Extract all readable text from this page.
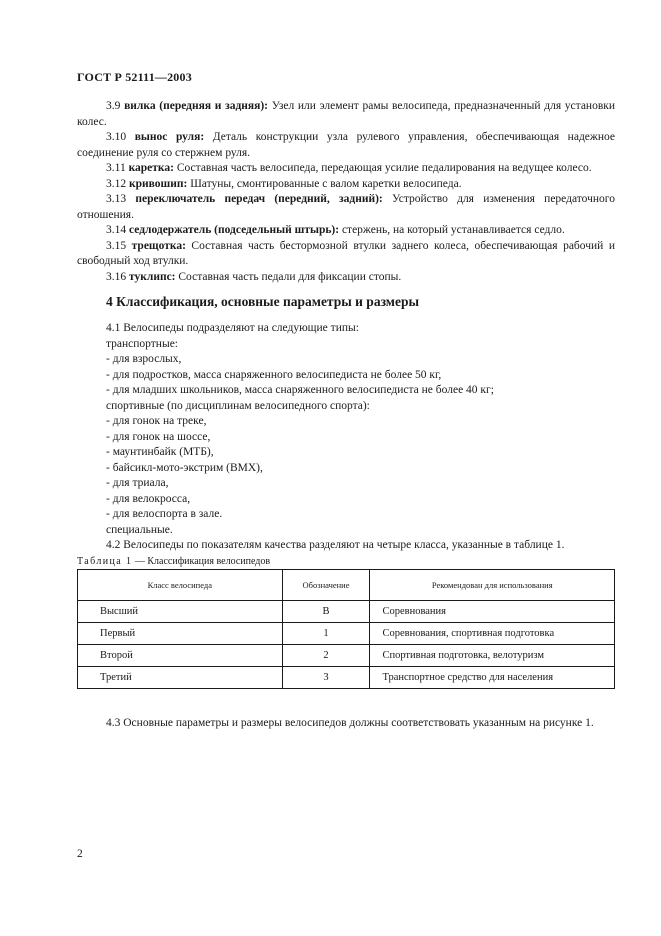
ГОСТ Р 52111—2003

3.9 вилка (передняя и задняя): Узел или элемент рамы велосипеда, предназначенный для установки колес.

3.10 вынос руля: Деталь конструкции узла рулевого управления, обеспечивающая надежное соединение руля со стержнем руля.

3.11 каретка: Составная часть велосипеда, передающая усилие педалирования на ведущее колесо.

3.12 кривошип: Шатуны, смонтированные с валом каретки велосипеда.

3.13 переключатель передач (передний, задний): Устройство для изменения передаточного отношения.

3.14 седлодержатель (подседельный штырь): стержень, на который устанавливается седло.

3.15 трещотка: Составная часть бестормозной втулки заднего колеса, обеспечивающая рабочий и свободный ход втулки.

3.16 туклипс: Составная часть педали для фиксации стопы.

4 Классификация, основные параметры и размеры

4.1 Велосипеды подразделяют на следующие типы:

транспортные:

- для взрослых,

- для подростков, масса снаряженного велосипедиста не более 50 кг,

- для младших школьников, масса снаряженного велосипедиста не более 40 кг;

спортивные (по дисциплинам велосипедного спорта):

- для гонок на треке,

- для гонок на шоссе,

- маунтинбайк (МТБ),

- байсикл-мото-экстрим (ВМХ),

- для триала,

- для велокросса,

- для велоспорта в зале.

специальные.

4.2 Велосипеды по показателям качества разделяют на четыре класса, указанные в таблице 1.

Таблица 1 — Классификация велосипедов
Класс велосипеда	Обозначение	Рекомендован для использования
Высший	В	Соревнования
Первый	1	Соревнования, спортивная подготовка
Второй	2	Спортивная подготовка, велотуризм
Третий	3	Транспортное средство для населения

4.3 Основные параметры и размеры велосипедов должны соответствовать указанным на рисунке 1.

2
